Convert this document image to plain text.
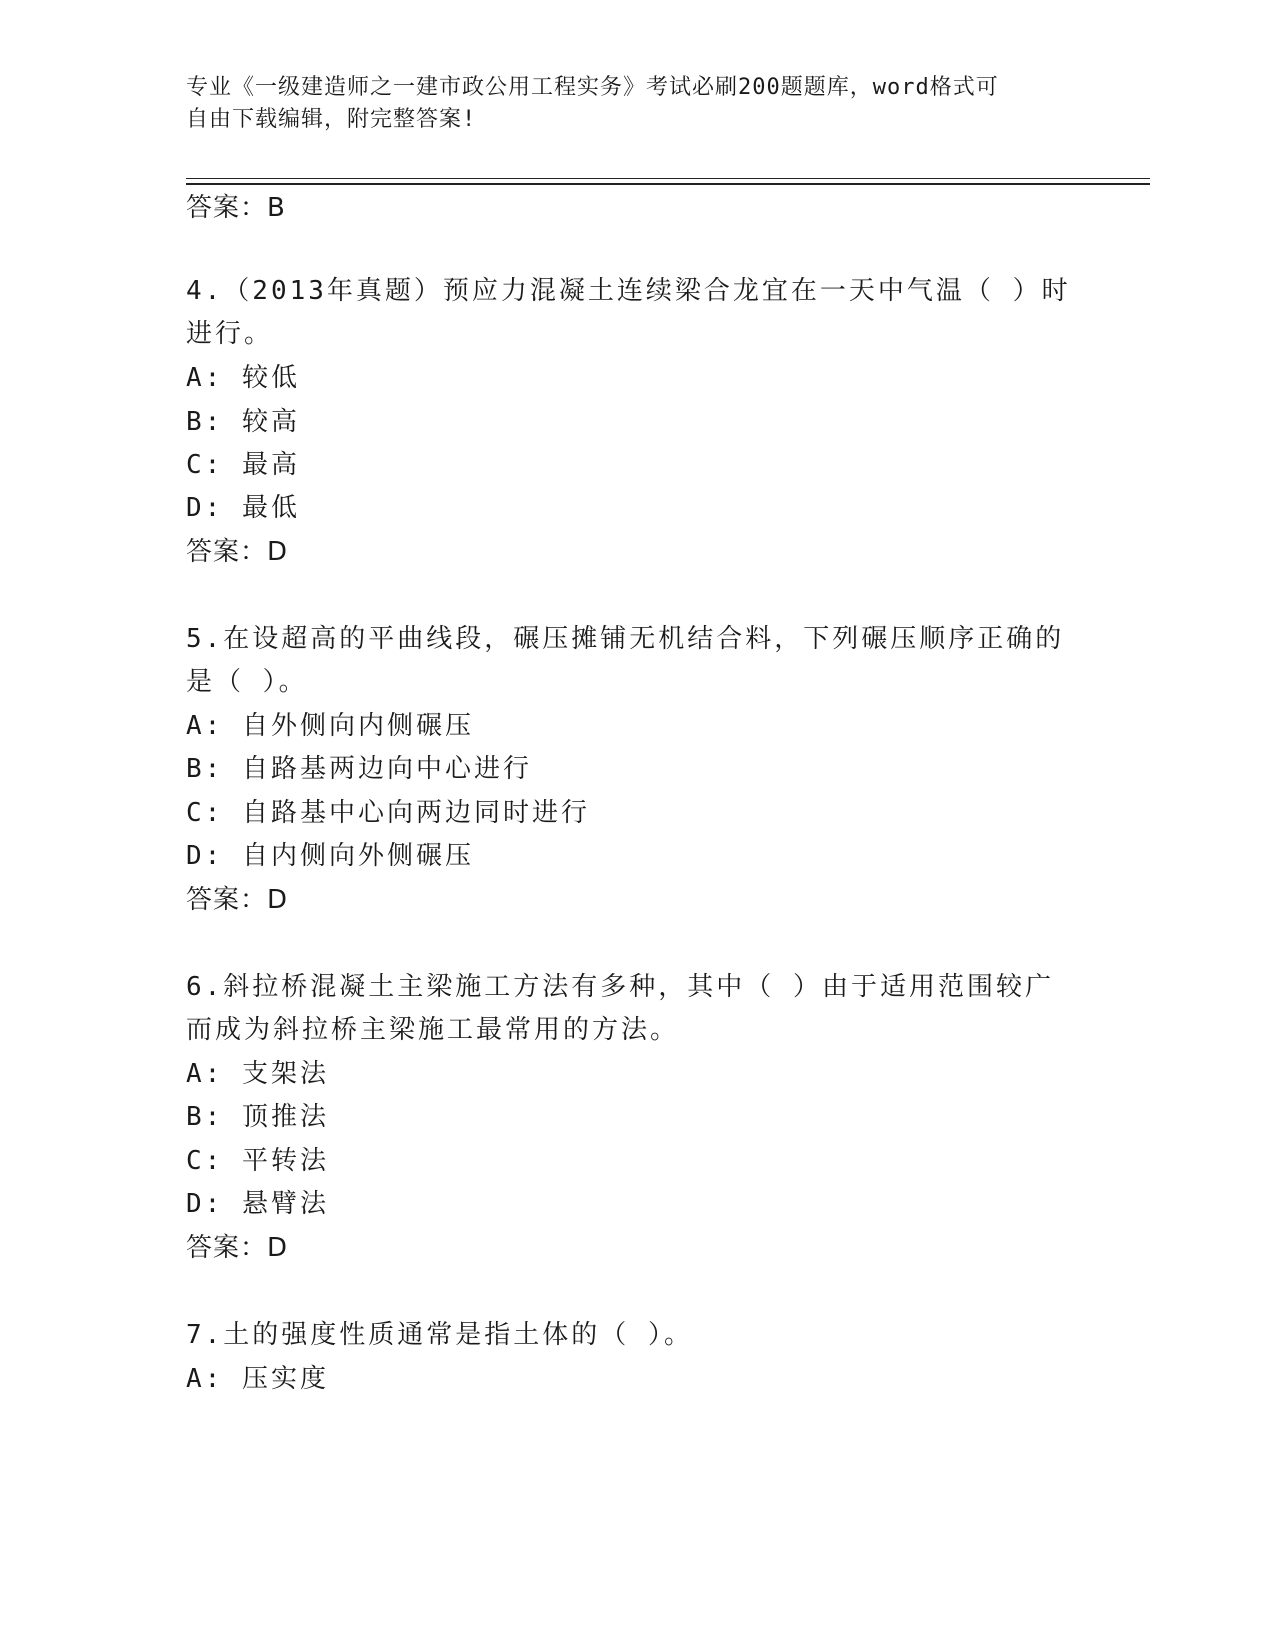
专业《一级建造师之一建市政公用工程实务》考试必刷200题题库，word格式可
自由下载编辑，附完整答案!
答案：B
4.（2013年真题）预应力混凝土连续梁合龙宜在一天中气温（ ）时
进行。
A: 较低
B: 较高
C: 最高
D: 最低
答案：D
5.在设超高的平曲线段，碾压摊铺无机结合料，下列碾压顺序正确的
是（ ）。
A: 自外侧向内侧碾压
B: 自路基两边向中心进行
C: 自路基中心向两边同时进行
D: 自内侧向外侧碾压
答案：D
6.斜拉桥混凝土主梁施工方法有多种，其中（ ）由于适用范围较广
而成为斜拉桥主梁施工最常用的方法。
A: 支架法
B: 顶推法
C: 平转法
D: 悬臂法
答案：D
7.土的强度性质通常是指土体的（ ）。
A: 压实度
